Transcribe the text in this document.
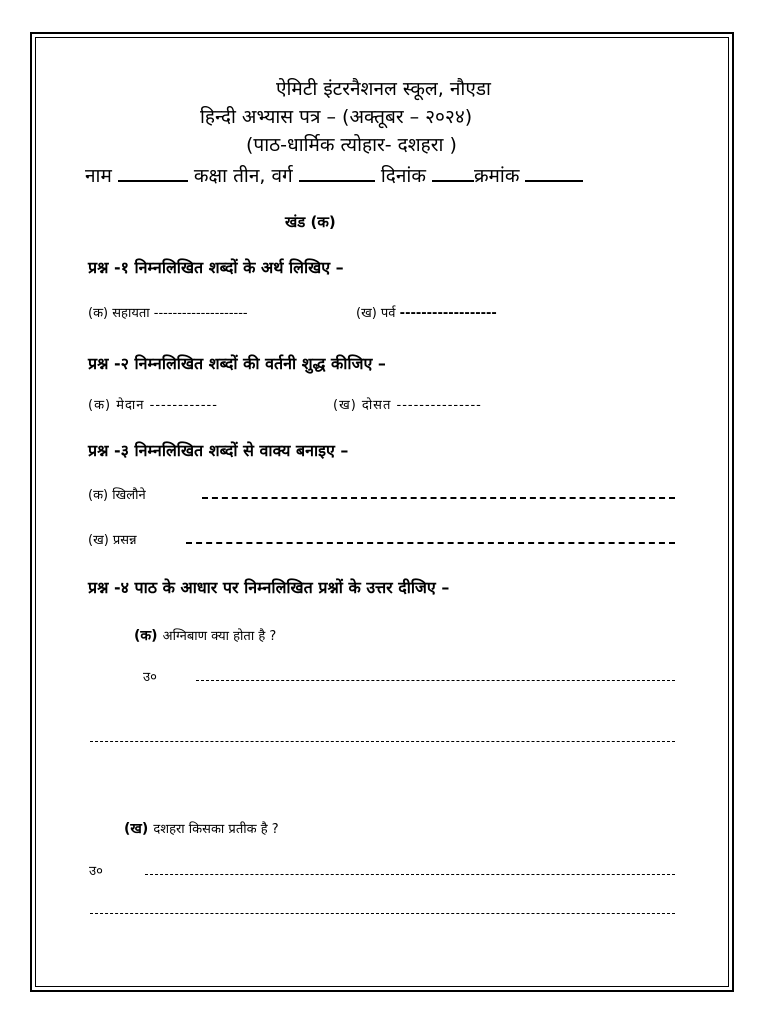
ऐमिटी इंटरनैशनल स्कूल, नौएडा
हिन्दी अभ्यास पत्र – (अक्तूबर – २०२४)
(पाठ-धार्मिक त्योहार- दशहरा )
नाम	कक्षा तीन, वर्ग	दिनांक	क्रमांक
खंड (क)
प्रश्न -१ निम्नलिखित शब्दों के अर्थ लिखिए –
(क) सहायता --------------------	(ख) पर्व ------------------
प्रश्न -२ निम्नलिखित शब्दों की वर्तनी शुद्ध कीजिए –
(क) मेदान ------------	(ख) दोसत ---------------
प्रश्न -३ निम्नलिखित शब्दों से वाक्य बनाइए –
(क) खिलौने
(ख) प्रसन्न
प्रश्न -४ पाठ के आधार पर निम्नलिखित प्रश्नों के उत्तर दीजिए –
(क) अग्निबाण क्या होता है ?
उ०
(ख) दशहरा किसका प्रतीक है ?
उ०
